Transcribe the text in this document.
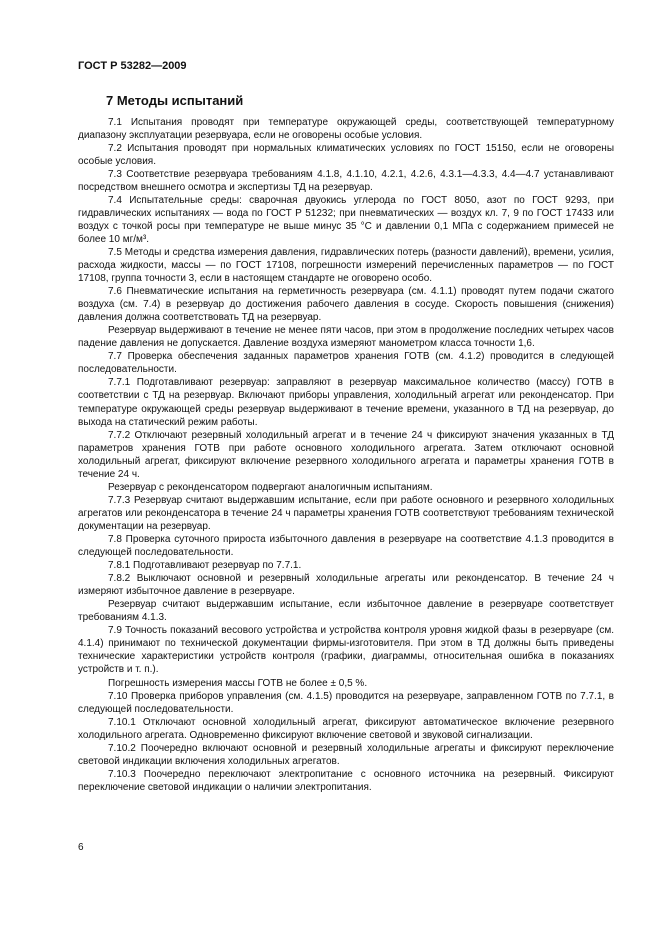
ГОСТ Р 53282—2009
7 Методы испытаний

7.1 Испытания проводят при температуре окружающей среды, соответствующей температурному диапазону эксплуатации резервуара, если не оговорены особые условия.

7.2 Испытания проводят при нормальных климатических условиях по ГОСТ 15150, если не оговорены особые условия.

7.3 Соответствие резервуара требованиям 4.1.8, 4.1.10, 4.2.1, 4.2.6, 4.3.1—4.3.3, 4.4—4.7 устанавливают посредством внешнего осмотра и экспертизы ТД на резервуар.

7.4 Испытательные среды: сварочная двуокись углерода по ГОСТ 8050, азот по ГОСТ 9293, при гидравлических испытаниях — вода по ГОСТ Р 51232; при пневматических — воздух кл. 7, 9 по ГОСТ 17433 или воздух с точкой росы при температуре не выше минус 35 °С и давлении 0,1 МПа с содержанием примесей не более 10 мг/м³.

7.5 Методы и средства измерения давления, гидравлических потерь (разности давлений), времени, усилия, расхода жидкости, массы — по ГОСТ 17108, погрешности измерений перечисленных параметров — по ГОСТ 17108, группа точности 3, если в настоящем стандарте не оговорено особо.

7.6 Пневматические испытания на герметичность резервуара (см. 4.1.1) проводят путем подачи сжатого воздуха (см. 7.4) в резервуар до достижения рабочего давления в сосуде. Скорость повышения (снижения) давления должна соответствовать ТД на резервуар.

Резервуар выдерживают в течение не менее пяти часов, при этом в продолжение последних четырех часов падение давления не допускается. Давление воздуха измеряют манометром класса точности 1,6.

7.7 Проверка обеспечения заданных параметров хранения ГОТВ (см. 4.1.2) проводится в следующей последовательности.

7.7.1 Подготавливают резервуар: заправляют в резервуар максимальное количество (массу) ГОТВ в соответствии с ТД на резервуар. Включают приборы управления, холодильный агрегат или реконденсатор. При температуре окружающей среды резервуар выдерживают в течение времени, указанного в ТД на резервуар, до выхода на статический режим работы.

7.7.2 Отключают резервный холодильный агрегат и в течение 24 ч фиксируют значения указанных в ТД параметров хранения ГОТВ при работе основного холодильного агрегата. Затем отключают основной холодильный агрегат, фиксируют включение резервного холодильного агрегата и параметры хранения ГОТВ в течение 24 ч.

Резервуар с реконденсатором подвергают аналогичным испытаниям.

7.7.3 Резервуар считают выдержавшим испытание, если при работе основного и резервного холодильных агрегатов или реконденсатора в течение 24 ч параметры хранения ГОТВ соответствуют требованиям технической документации на резервуар.

7.8 Проверка суточного прироста избыточного давления в резервуаре на соответствие 4.1.3 проводится в следующей последовательности.

7.8.1 Подготавливают резервуар по 7.7.1.

7.8.2 Выключают основной и резервный холодильные агрегаты или реконденсатор. В течение 24 ч измеряют избыточное давление в резервуаре.

Резервуар считают выдержавшим испытание, если избыточное давление в резервуаре соответствует требованиям 4.1.3.

7.9 Точность показаний весового устройства и устройства контроля уровня жидкой фазы в резервуаре (см. 4.1.4) принимают по технической документации фирмы-изготовителя. При этом в ТД должны быть приведены технические характеристики устройств контроля (графики, диаграммы, относительная ошибка в показаниях устройств и т. п.).

Погрешность измерения массы ГОТВ не более ± 0,5 %.

7.10 Проверка приборов управления (см. 4.1.5) проводится на резервуаре, заправленном ГОТВ по 7.7.1, в следующей последовательности.

7.10.1 Отключают основной холодильный агрегат, фиксируют автоматическое включение резервного холодильного агрегата. Одновременно фиксируют включение световой и звуковой сигнализации.

7.10.2 Поочередно включают основной и резервный холодильные агрегаты и фиксируют переключение световой индикации включения холодильных агрегатов.

7.10.3 Поочередно переключают электропитание с основного источника на резервный. Фиксируют переключение световой индикации о наличии электропитания.

6
